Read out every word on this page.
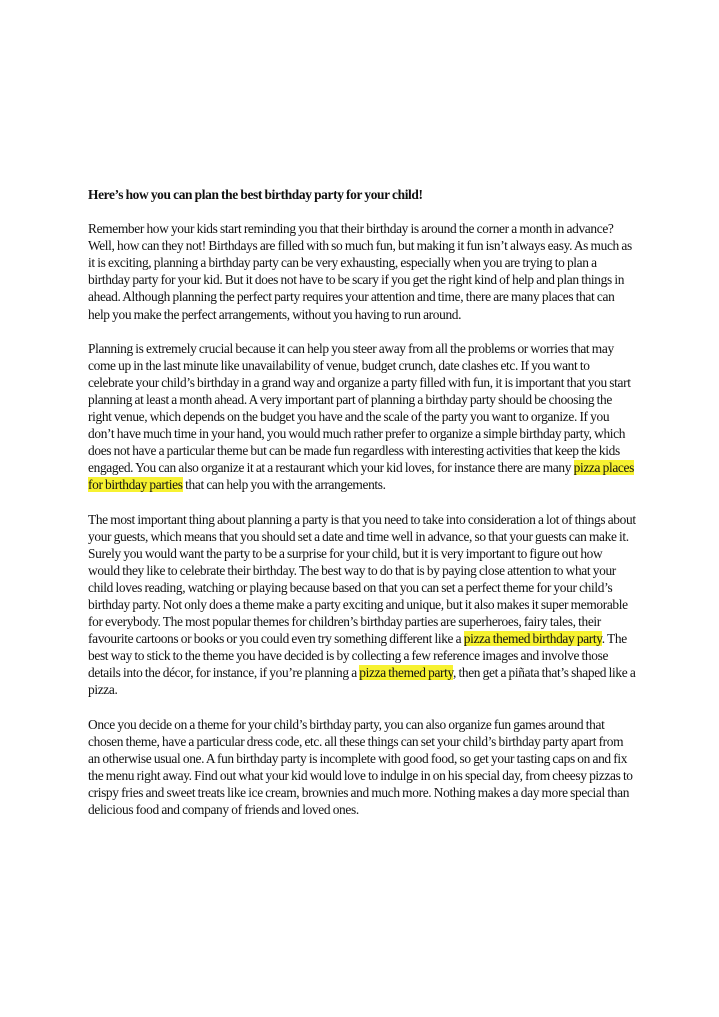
Here’s how you can plan the best birthday party for your child!
Remember how your kids start reminding you that their birthday is around the corner a month in advance? Well, how can they not! Birthdays are filled with so much fun, but making it fun isn’t always easy. As much as it is exciting, planning a birthday party can be very exhausting, especially when you are trying to plan a birthday party for your kid. But it does not have to be scary if you get the right kind of help and plan things in ahead. Although planning the perfect party requires your attention and time, there are many places that can help you make the perfect arrangements, without you having to run around.
Planning is extremely crucial because it can help you steer away from all the problems or worries that may come up in the last minute like unavailability of venue, budget crunch, date clashes etc. If you want to celebrate your child’s birthday in a grand way and organize a party filled with fun, it is important that you start planning at least a month ahead. A very important part of planning a birthday party should be choosing the right venue, which depends on the budget you have and the scale of the party you want to organize. If you don’t have much time in your hand, you would much rather prefer to organize a simple birthday party, which does not have a particular theme but can be made fun regardless with interesting activities that keep the kids engaged. You can also organize it at a restaurant which your kid loves, for instance there are many pizza places for birthday parties that can help you with the arrangements.
The most important thing about planning a party is that you need to take into consideration a lot of things about your guests, which means that you should set a date and time well in advance, so that your guests can make it. Surely you would want the party to be a surprise for your child, but it is very important to figure out how would they like to celebrate their birthday. The best way to do that is by paying close attention to what your child loves reading, watching or playing because based on that you can set a perfect theme for your child’s birthday party. Not only does a theme make a party exciting and unique, but it also makes it super memorable for everybody. The most popular themes for children’s birthday parties are superheroes, fairy tales, their favourite cartoons or books or you could even try something different like a pizza themed birthday party. The best way to stick to the theme you have decided is by collecting a few reference images and involve those details into the décor, for instance, if you’re planning a pizza themed party, then get a piñata that’s shaped like a pizza.
Once you decide on a theme for your child’s birthday party, you can also organize fun games around that chosen theme, have a particular dress code, etc. all these things can set your child’s birthday party apart from an otherwise usual one. A fun birthday party is incomplete with good food, so get your tasting caps on and fix the menu right away. Find out what your kid would love to indulge in on his special day, from cheesy pizzas to crispy fries and sweet treats like ice cream, brownies and much more. Nothing makes a day more special than delicious food and company of friends and loved ones.
